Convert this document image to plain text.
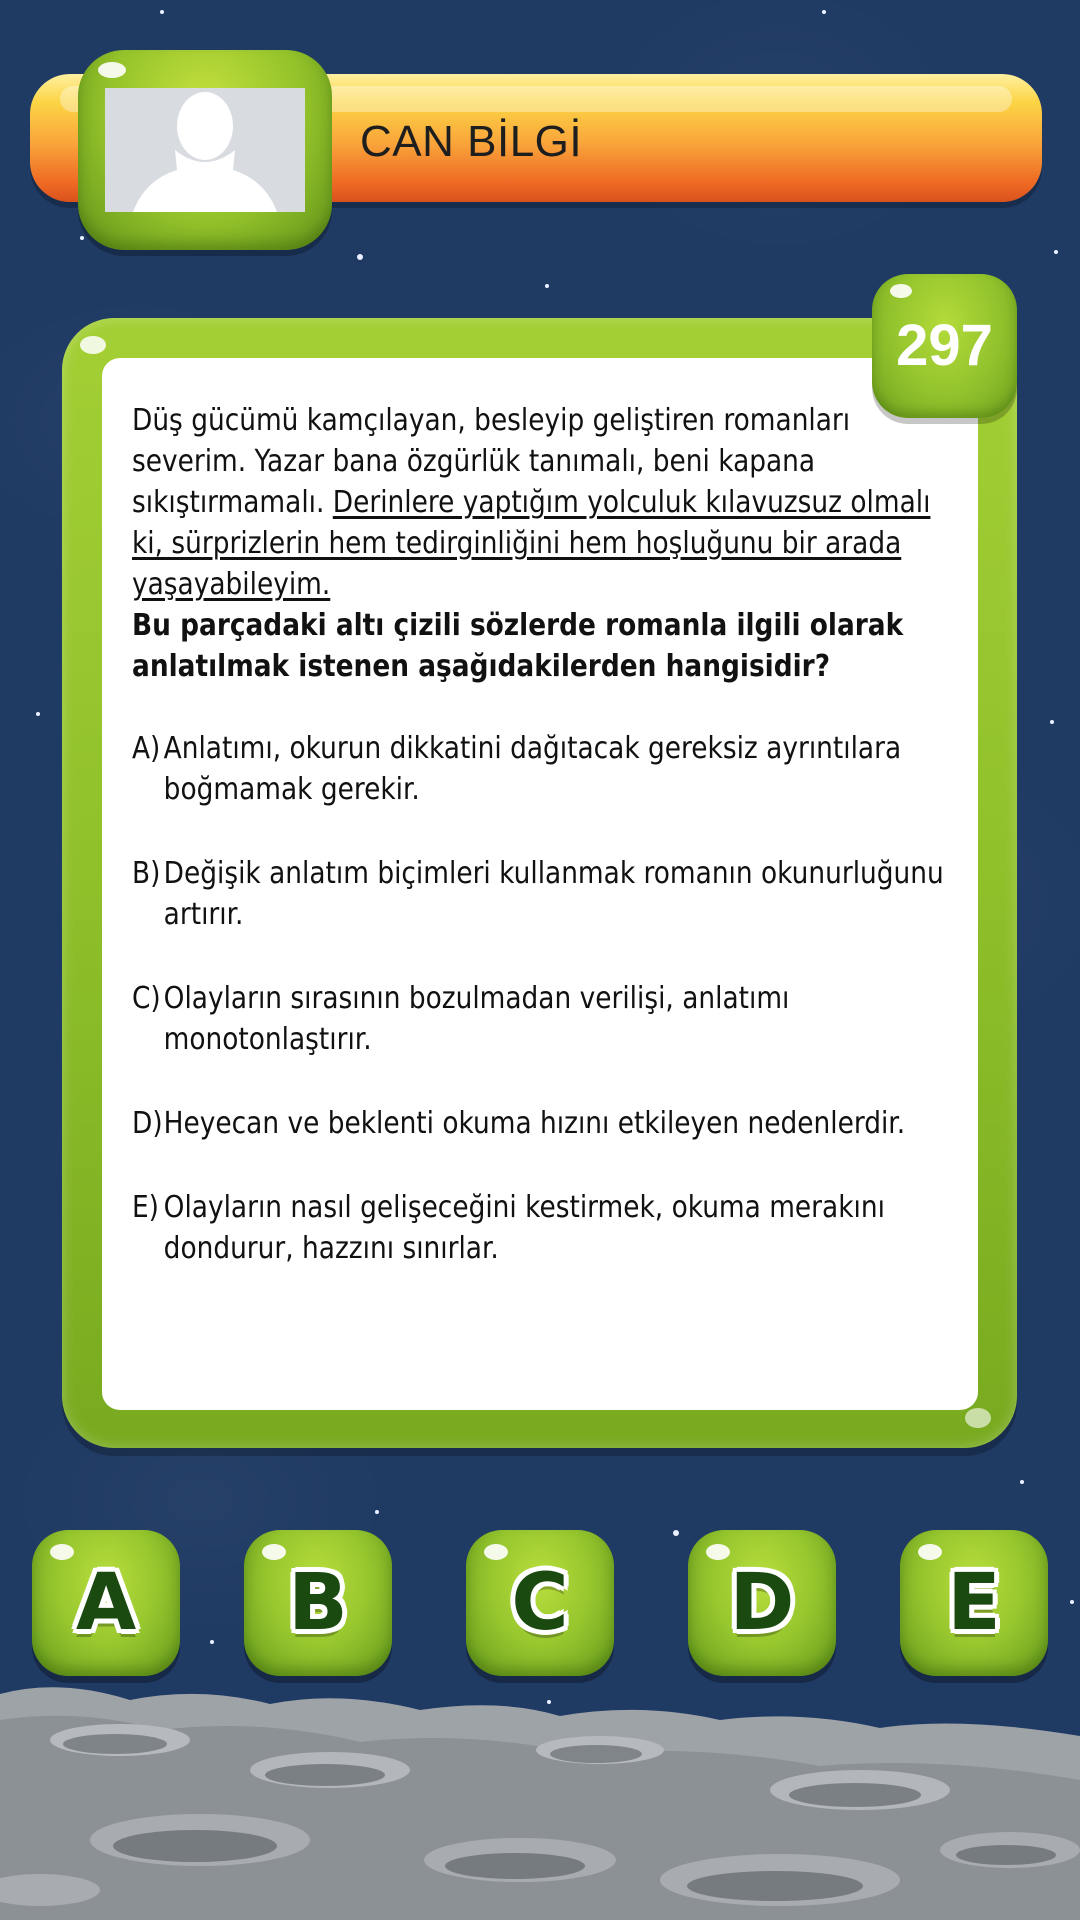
CAN BİLGİ
297
Düş gücümü kamçılayan, besleyip geliştiren romanları severim. Yazar bana özgürlük tanımalı, beni kapana sıkıştırmamalı. Derinlere yaptığım yolculuk kılavuzsuz olmalı ki, sürprizlerin hem tedirginliğini hem hoşluğunu bir arada yaşayabileyim.
Bu parçadaki altı çizili sözlerde romanla ilgili olarak anlatılmak istenen aşağıdakilerden hangisidir?
A) Anlatımı, okurun dikkatini dağıtacak gereksiz ayrıntılara boğmamak gerekir.
B) Değişik anlatım biçimleri kullanmak romanın okunurluğunu artırır.
C) Olayların sırasının bozulmadan verilişi, anlatımı monotonlaştırır.
D) Heyecan ve beklenti okuma hızını etkileyen nedenlerdir.
E) Olayların nasıl gelişeceğini kestirmek, okuma merakını dondurur, hazzını sınırlar.
A B C D E
